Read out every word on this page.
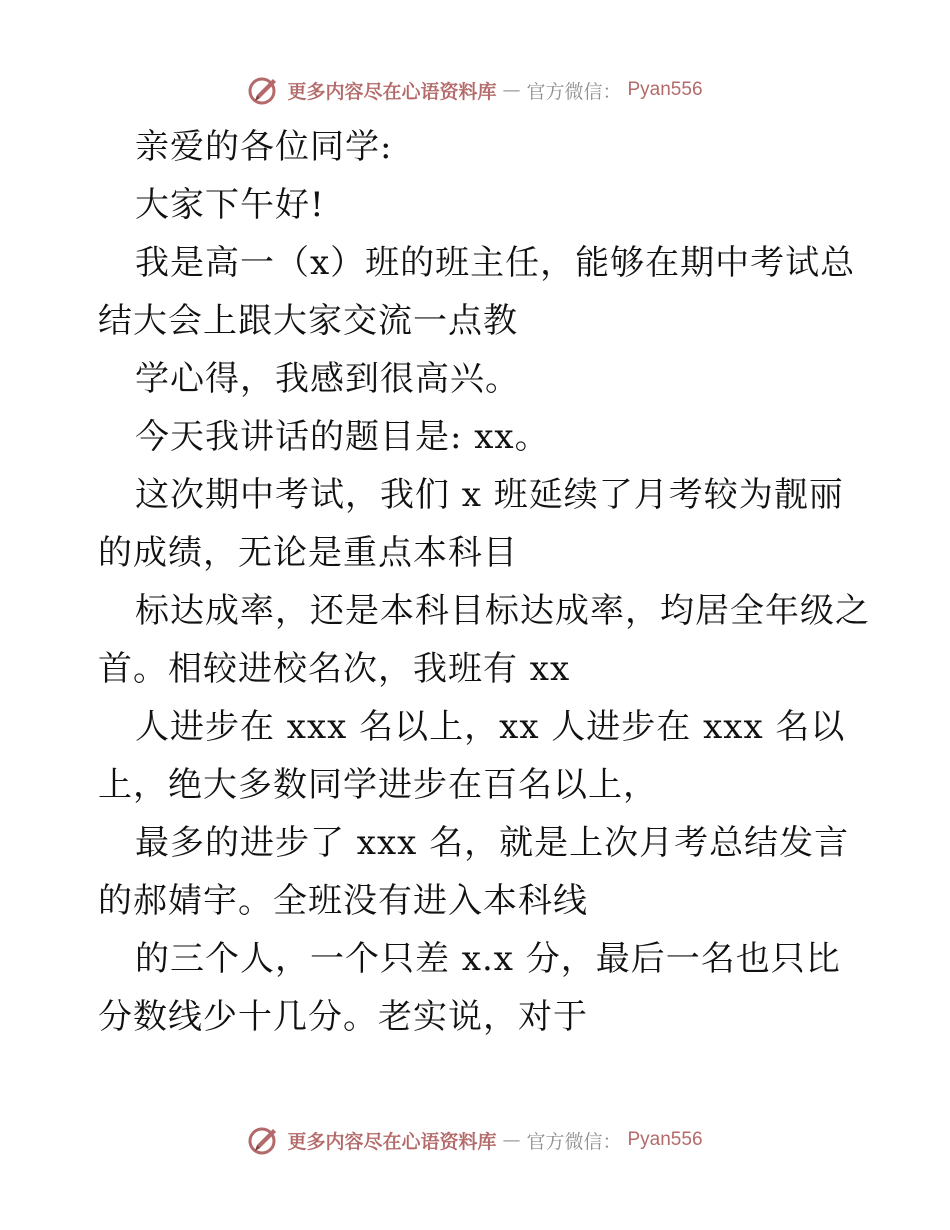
更多内容尽在心语资料库 — 官方微信： Pyan556
亲爱的各位同学:
大家下午好!
我是高一（x）班的班主任，能够在期中考试总
结大会上跟大家交流一点教
学心得，我感到很高兴。
今天我讲话的题目是: xx。
这次期中考试，我们 x 班延续了月考较为靓丽
的成绩，无论是重点本科目
标达成率，还是本科目标达成率，均居全年级之
首。相较进校名次，我班有 xx
人进步在 xxx 名以上，xx 人进步在 xxx 名以
上，绝大多数同学进步在百名以上，
最多的进步了 xxx 名，就是上次月考总结发言
的郝婧宇。全班没有进入本科线
的三个人，一个只差 x.x 分，最后一名也只比
分数线少十几分。老实说，对于
更多内容尽在心语资料库 — 官方微信： Pyan556
